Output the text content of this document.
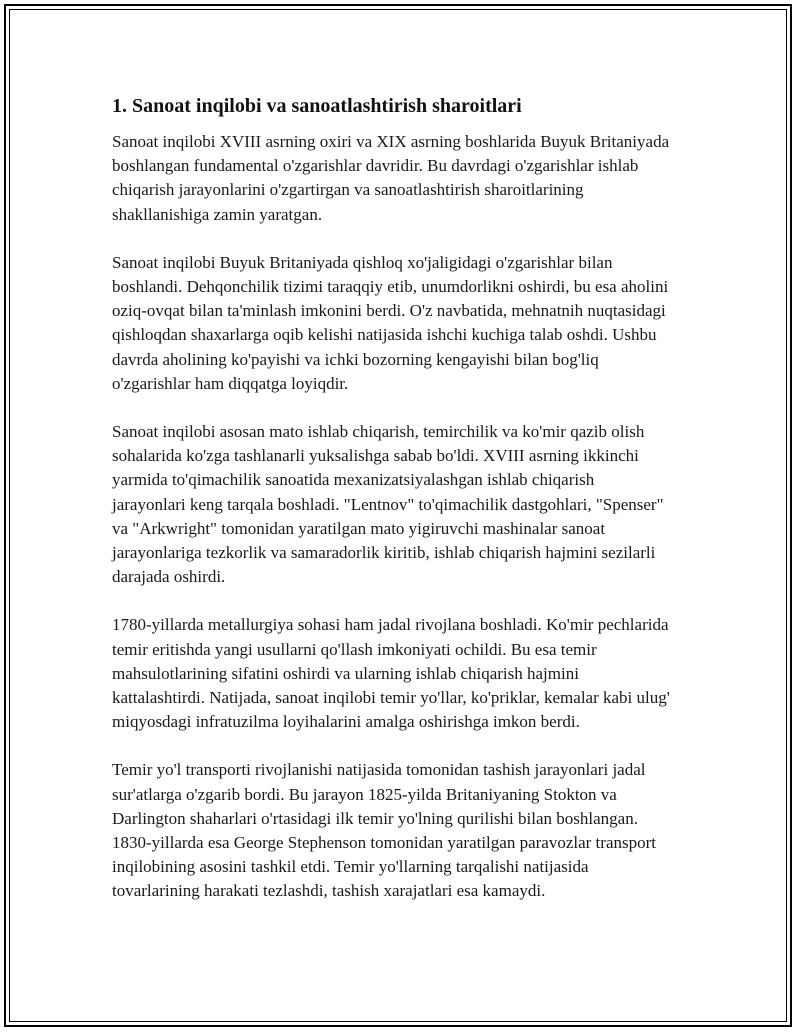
1. Sanoat inqilobi va sanoatlashtirish sharoitlari

Sanoat inqilobi XVIII asrning oxiri va XIX asrning boshlarida Buyuk Britaniyada boshlangan fundamental o'zgarishlar davridir. Bu davrdagi o'zgarishlar ishlab chiqarish jarayonlarini o'zgartirgan va sanoatlashtirish sharoitlarining shakllanishiga zamin yaratgan.

Sanoat inqilobi Buyuk Britaniyada qishloq xo'jaligidagi o'zgarishlar bilan boshlandi. Dehqonchilik tizimi taraqqiy etib, unumdorlikni oshirdi, bu esa aholini oziq-ovqat bilan ta'minlash imkonini berdi. O'z navbatida, mehnatnih nuqtasidagi qishloqdan shaxarlarga oqib kelishi natijasida ishchi kuchiga talab oshdi. Ushbu davrda aholining ko'payishi va ichki bozorning kengayishi bilan bog'liq o'zgarishlar ham diqqatga loyiqdir.

Sanoat inqilobi asosan mato ishlab chiqarish, temirchilik va ko'mir qazib olish sohalarida ko'zga tashlanarli yuksalishga sabab bo'ldi. XVIII asrning ikkinchi yarmida to'qimachilik sanoatida mexanizatsiyalashgan ishlab chiqarish jarayonlari keng tarqala boshladi. "Lentnov" to'qimachilik dastgohlari, "Spenser" va "Arkwright" tomonidan yaratilgan mato yigiruvchi mashinalar sanoat jarayonlariga tezkorlik va samaradorlik kiritib, ishlab chiqarish hajmini sezilarli darajada oshirdi.

1780-yillarda metallurgiya sohasi ham jadal rivojlana boshladi. Ko'mir pechlarida temir eritishda yangi usullarni qo'llash imkoniyati ochildi. Bu esa temir mahsulotlarining sifatini oshirdi va ularning ishlab chiqarish hajmini kattalashtirdi. Natijada, sanoat inqilobi temir yo'llar, ko'priklar, kemalar kabi ulug' miqyosdagi infratuzilma loyihalarini amalga oshirishga imkon berdi.

Temir yo'l transporti rivojlanishi natijasida tomonidan tashish jarayonlari jadal sur'atlarga o'zgarib bordi. Bu jarayon 1825-yilda Britaniyaning Stokton va Darlington shaharlari o'rtasidagi ilk temir yo'lning qurilishi bilan boshlangan. 1830-yillarda esa George Stephenson tomonidan yaratilgan paravozlar transport inqilobining asosini tashkil etdi. Temir yo'llarning tarqalishi natijasida tovarlarining harakati tezlashdi, tashish xarajatlari esa kamaydi.
